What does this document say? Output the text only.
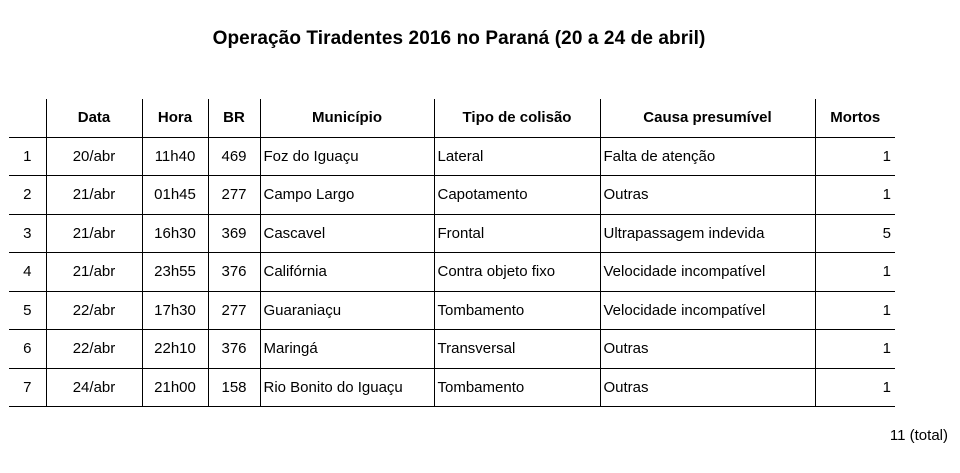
Operação Tiradentes 2016 no Paraná (20 a 24 de abril)
	Data	Hora	BR	Município	Tipo de colisão	Causa presumível	Mortos
1	20/abr	11h40	469	Foz do Iguaçu	Lateral	Falta de atenção	1
2	21/abr	01h45	277	Campo Largo	Capotamento	Outras	1
3	21/abr	16h30	369	Cascavel	Frontal	Ultrapassagem indevida	5
4	21/abr	23h55	376	Califórnia	Contra objeto fixo	Velocidade incompatível	1
5	22/abr	17h30	277	Guaraniaçu	Tombamento	Velocidade incompatível	1
6	22/abr	22h10	376	Maringá	Transversal	Outras	1
7	24/abr	21h00	158	Rio Bonito do Iguaçu	Tombamento	Outras	1
11 (total)
